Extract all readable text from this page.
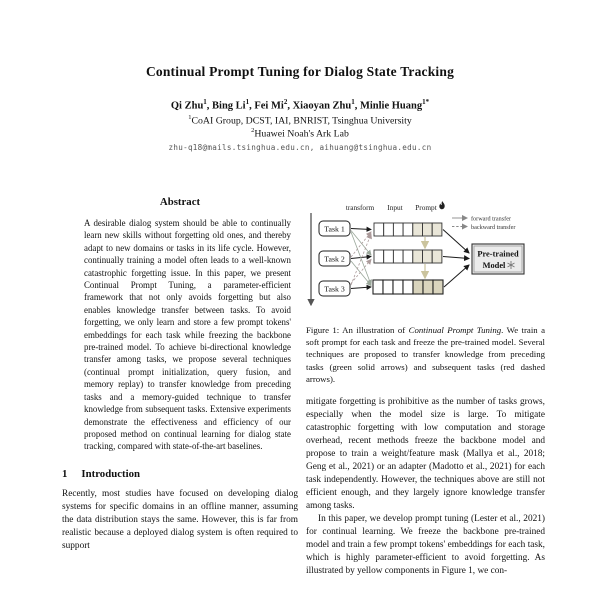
Continual Prompt Tuning for Dialog State Tracking
Qi Zhu$^1$, Bing Li$^1$, Fei Mi$^2$, Xiaoyan Zhu$^1$, Minlie Huang$^{1*}$
$^1$CoAI Group, DCST, IAI, BNRIST, Tsinghua University
$^2$Huawei Noah's Ark Lab
zhu-q18@mails.tsinghua.edu.cn, aihuang@tsinghua.edu.cn
Abstract

A desirable dialog system should be able to continually learn new skills without forgetting old ones, and thereby adapt to new domains or tasks in its life cycle. However, continually training a model often leads to a well-known catastrophic forgetting issue. In this paper, we present Continual Prompt Tuning, a parameter-efficient framework that not only avoids forgetting but also enables knowledge transfer between tasks. To avoid forgetting, we only learn and store a few prompt tokens' embeddings for each task while freezing the backbone pre-trained model. To achieve bi-directional knowledge transfer among tasks, we propose several techniques (continual prompt initialization, query fusion, and memory replay) to transfer knowledge from preceding tasks and a memory-guided technique to transfer knowledge from subsequent tasks. Extensive experiments demonstrate the effectiveness and efficiency of our proposed method on continual learning for dialog state tracking, compared with state-of-the-art baselines.

1 Introduction

Recently, most studies have focused on developing dialog systems for specific domains in an offline manner, assuming the data distribution stays the same. However, this is far from realistic because a deployed dialog system is often required to support

transform Input Prompt
forward transfer
backward transfer
Task 1
Task 2
Task 3
Pre-trained
Model

Figure 1: An illustration of Continual Prompt Tuning. We train a soft prompt for each task and freeze the pre-trained model. Several techniques are proposed to transfer knowledge from preceding tasks (green solid arrows) and subsequent tasks (red dashed arrows).

mitigate forgetting is prohibitive as the number of tasks grows, especially when the model size is large. To mitigate catastrophic forgetting with low computation and storage overhead, recent methods freeze the backbone model and propose to train a weight/feature mask (Mallya et al., 2018; Geng et al., 2021) or an adapter (Madotto et al., 2021) for each task independently. However, the techniques above are still not efficient enough, and they largely ignore knowledge transfer among tasks.

In this paper, we develop prompt tuning (Lester et al., 2021) for continual learning. We freeze the backbone pre-trained model and train a few prompt tokens' embeddings for each task, which is highly parameter-efficient to avoid forgetting. As illustrated by yellow components in Figure 1, we con-
